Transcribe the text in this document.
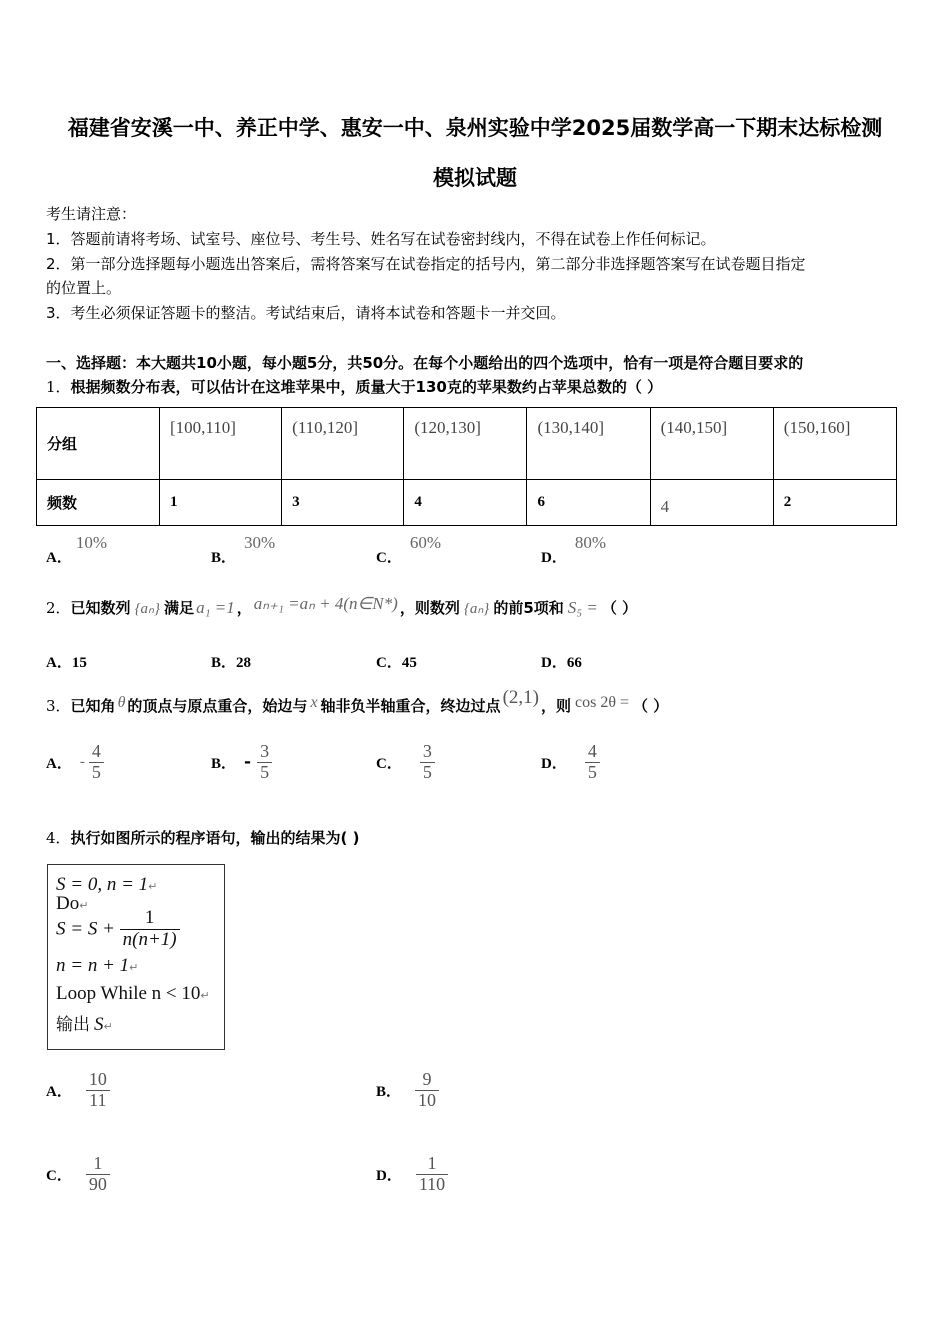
福建省安溪一中、养正中学、惠安一中、泉州实验中学2025届数学高一下期末达标检测
模拟试题
考生请注意：
1．答题前请将考场、试室号、座位号、考生号、姓名写在试卷密封线内，不得在试卷上作任何标记。
2．第一部分选择题每小题选出答案后，需将答案写在试卷指定的括号内，第二部分非选择题答案写在试卷题目指定
的位置上。
3．考生必须保证答题卡的整洁。考试结束后，请将本试卷和答题卡一并交回。
一、选择题：本大题共10小题，每小题5分，共50分。在每个小题给出的四个选项中，恰有一项是符合题目要求的
1．根据频数分布表，可以估计在这堆苹果中，质量大于130克的苹果数约占苹果总数的（ ）
分组	[100,110]	(110,120]	(120,130]	(130,140]	(140,150]	(150,160]
频数	1	3	4	6	4	2
A．10%
B．30%
C．60%
D．80%
2．已知数列 {aₙ} 满足 a₁ =1 ， aₙ₊₁ =aₙ + 4(n∈N*) ，则数列 {aₙ} 的前5项和 S₅ = （ ）
A．15	B．28	C．45	D．66
3．已知角 θ 的顶点与原点重合，始边与 x 轴非负半轴重合，终边过点 (2,1) ，则 cos 2θ = （ ）
A． - $\frac{4}{5}$	B． - $\frac{3}{5}$	C． $\frac{3}{5}$	D． $\frac{4}{5}$
4．执行如图所示的程序语句，输出的结果为( )
S = 0, n = 1↵
Do↵
$S = S + \frac{1}{n(n+1)}$
n = n + 1↵
Loop While n < 10↵
输出 S↵
A． $\frac{10}{11}$	B． $\frac{9}{10}$
C． $\frac{1}{90}$	D． $\frac{1}{110}$
